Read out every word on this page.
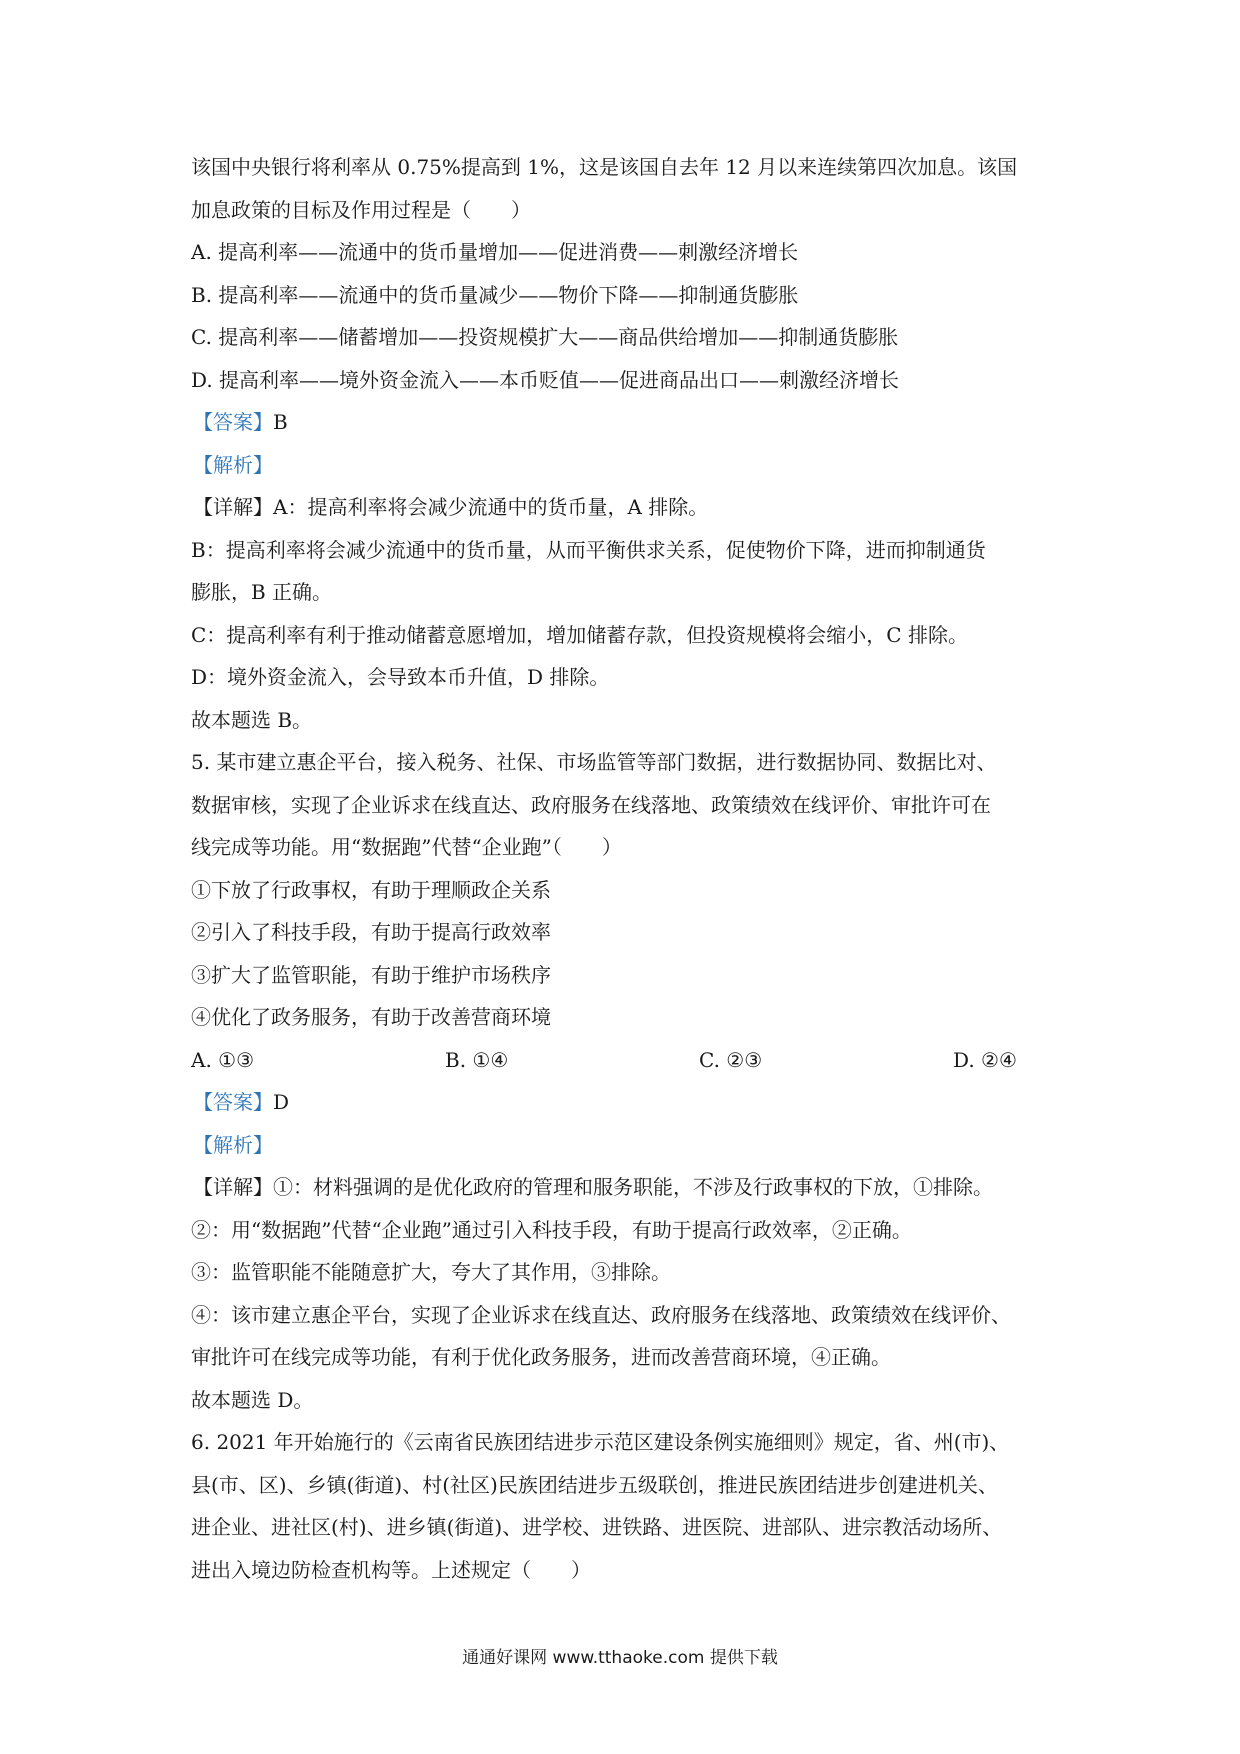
该国中央银行将利率从 0.75%提高到 1%，这是该国自去年 12 月以来连续第四次加息。该国
加息政策的目标及作用过程是（　　）
A. 提高利率——流通中的货币量增加——促进消费——刺激经济增长
B. 提高利率——流通中的货币量减少——物价下降——抑制通货膨胀
C. 提高利率——储蓄增加——投资规模扩大——商品供给增加——抑制通货膨胀
D. 提高利率——境外资金流入——本币贬值——促进商品出口——刺激经济增长
【答案】B
【解析】
【详解】A：提高利率将会减少流通中的货币量，A 排除。
B：提高利率将会减少流通中的货币量，从而平衡供求关系，促使物价下降，进而抑制通货
膨胀，B 正确。
C：提高利率有利于推动储蓄意愿增加，增加储蓄存款，但投资规模将会缩小，C 排除。
D：境外资金流入，会导致本币升值，D 排除。
故本题选 B。
5. 某市建立惠企平台，接入税务、社保、市场监管等部门数据，进行数据协同、数据比对、
数据审核，实现了企业诉求在线直达、政府服务在线落地、政策绩效在线评价、审批许可在
线完成等功能。用“数据跑”代替“企业跑”（　　）
①下放了行政事权，有助于理顺政企关系
②引入了科技手段，有助于提高行政效率
③扩大了监管职能，有助于维护市场秩序
④优化了政务服务，有助于改善营商环境
A. ①③	B. ①④	C. ②③	D. ②④
【答案】D
【解析】
【详解】①：材料强调的是优化政府的管理和服务职能，不涉及行政事权的下放，①排除。
②：用“数据跑”代替“企业跑”通过引入科技手段，有助于提高行政效率，②正确。
③：监管职能不能随意扩大，夸大了其作用，③排除。
④：该市建立惠企平台，实现了企业诉求在线直达、政府服务在线落地、政策绩效在线评价、
审批许可在线完成等功能，有利于优化政务服务，进而改善营商环境，④正确。
故本题选 D。
6. 2021 年开始施行的《云南省民族团结进步示范区建设条例实施细则》规定，省、州(市)、
县(市、区)、乡镇(街道)、村(社区)民族团结进步五级联创，推进民族团结进步创建进机关、
进企业、进社区(村)、进乡镇(街道)、进学校、进铁路、进医院、进部队、进宗教活动场所、
进出入境边防检查机构等。上述规定（　　）
通通好课网 www.tthaoke.com 提供下载
